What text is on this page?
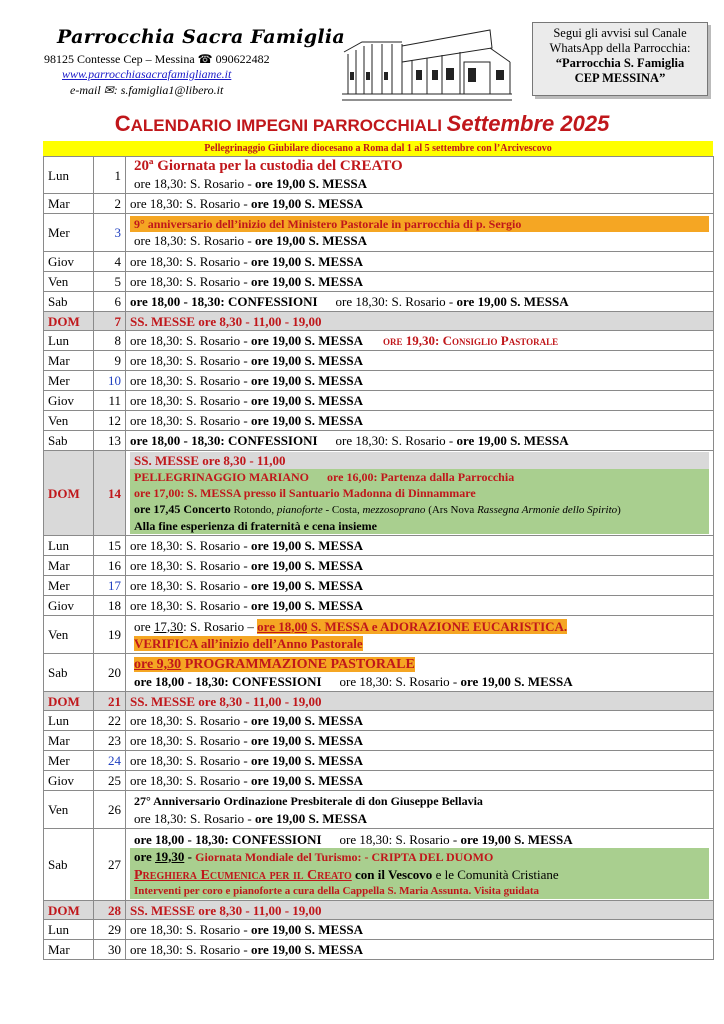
Parrocchia Sacra Famiglia
98125 Contesse Cep – Messina ☎ 090622482
www.parrocchiasacrafamigliame.it
e-mail ✉: s.famiglia1@libero.it
Segui gli avvisi sul Canale
WhatsApp della Parrocchia:
“Parrocchia S. Famiglia
CEP MESSINA”
CALENDARIO IMPEGNI PARROCCHIALI Settembre 2025
Pellegrinaggio Giubilare diocesano a Roma dal 1 al 5 settembre con l’Arcivescovo
Lun	1	20ª Giornata per la custodia del CREATO
ore 18,30: S. Rosario - ore 19,00 S. MESSA

Mar	2	ore 18,30: S. Rosario - ore 19,00 S. MESSA
Mer	3	9° anniversario dell’inizio del Ministero Pastorale in parrocchia di p. Sergio
ore 18,30: S. Rosario - ore 19,00 S. MESSA

Giov	4	ore 18,30: S. Rosario - ore 19,00 S. MESSA
Ven	5	ore 18,30: S. Rosario - ore 19,00 S. MESSA
Sab	6	ore 18,00 - 18,30: CONFESSIONI ore 18,30: S. Rosario - ore 19,00 S. MESSA
DOM	7	SS. MESSE ore 8,30 - 11,00 - 19,00
Lun	8	ore 18,30: S. Rosario - ore 19,00 S. MESSA ore 19,30: Consiglio Pastorale
Mar	9	ore 18,30: S. Rosario - ore 19,00 S. MESSA
Mer	10	ore 18,30: S. Rosario - ore 19,00 S. MESSA
Giov	11	ore 18,30: S. Rosario - ore 19,00 S. MESSA
Ven	12	ore 18,30: S. Rosario - ore 19,00 S. MESSA
Sab	13	ore 18,00 - 18,30: CONFESSIONI ore 18,30: S. Rosario - ore 19,00 S. MESSA
DOM	14	SS. MESSE ore 8,30 - 11,00
PELLEGRINAGGIO MARIANO ore 16,00: Partenza dalla Parrocchia
ore 17,00: S. MESSA presso il Santuario Madonna di Dinnammare
ore 17,45 Concerto Rotondo, pianoforte - Costa, mezzosoprano (Ars Nova Rassegna Armonie dello Spirito)
Alla fine esperienza di fraternità e cena insieme

Lun	15	ore 18,30: S. Rosario - ore 19,00 S. MESSA
Mar	16	ore 18,30: S. Rosario - ore 19,00 S. MESSA
Mer	17	ore 18,30: S. Rosario - ore 19,00 S. MESSA
Giov	18	ore 18,30: S. Rosario - ore 19,00 S. MESSA
Ven	19	ore 17,30: S. Rosario – ore 18,00 S. MESSA e ADORAZIONE EUCARISTICA.
VERIFICA all’inizio dell’Anno Pastorale

Sab	20	ore 9,30 PROGRAMMAZIONE PASTORALE
ore 18,00 - 18,30: CONFESSIONI ore 18,30: S. Rosario - ore 19,00 S. MESSA

DOM	21	SS. MESSE ore 8,30 - 11,00 - 19,00
Lun	22	ore 18,30: S. Rosario - ore 19,00 S. MESSA
Mar	23	ore 18,30: S. Rosario - ore 19,00 S. MESSA
Mer	24	ore 18,30: S. Rosario - ore 19,00 S. MESSA
Giov	25	ore 18,30: S. Rosario - ore 19,00 S. MESSA
Ven	26	27° Anniversario Ordinazione Presbiterale di don Giuseppe Bellavia
ore 18,30: S. Rosario - ore 19,00 S. MESSA

Sab	27	ore 18,00 - 18,30: CONFESSIONI ore 18,30: S. Rosario - ore 19,00 S. MESSA
ore 19,30 - Giornata Mondiale del Turismo: - CRIPTA DEL DUOMO
Preghiera Ecumenica per il Creato con il Vescovo e le Comunità Cristiane
Interventi per coro e pianoforte a cura della Cappella S. Maria Assunta. Visita guidata

DOM	28	SS. MESSE ore 8,30 - 11,00 - 19,00
Lun	29	ore 18,30: S. Rosario - ore 19,00 S. MESSA
Mar	30	ore 18,30: S. Rosario - ore 19,00 S. MESSA
